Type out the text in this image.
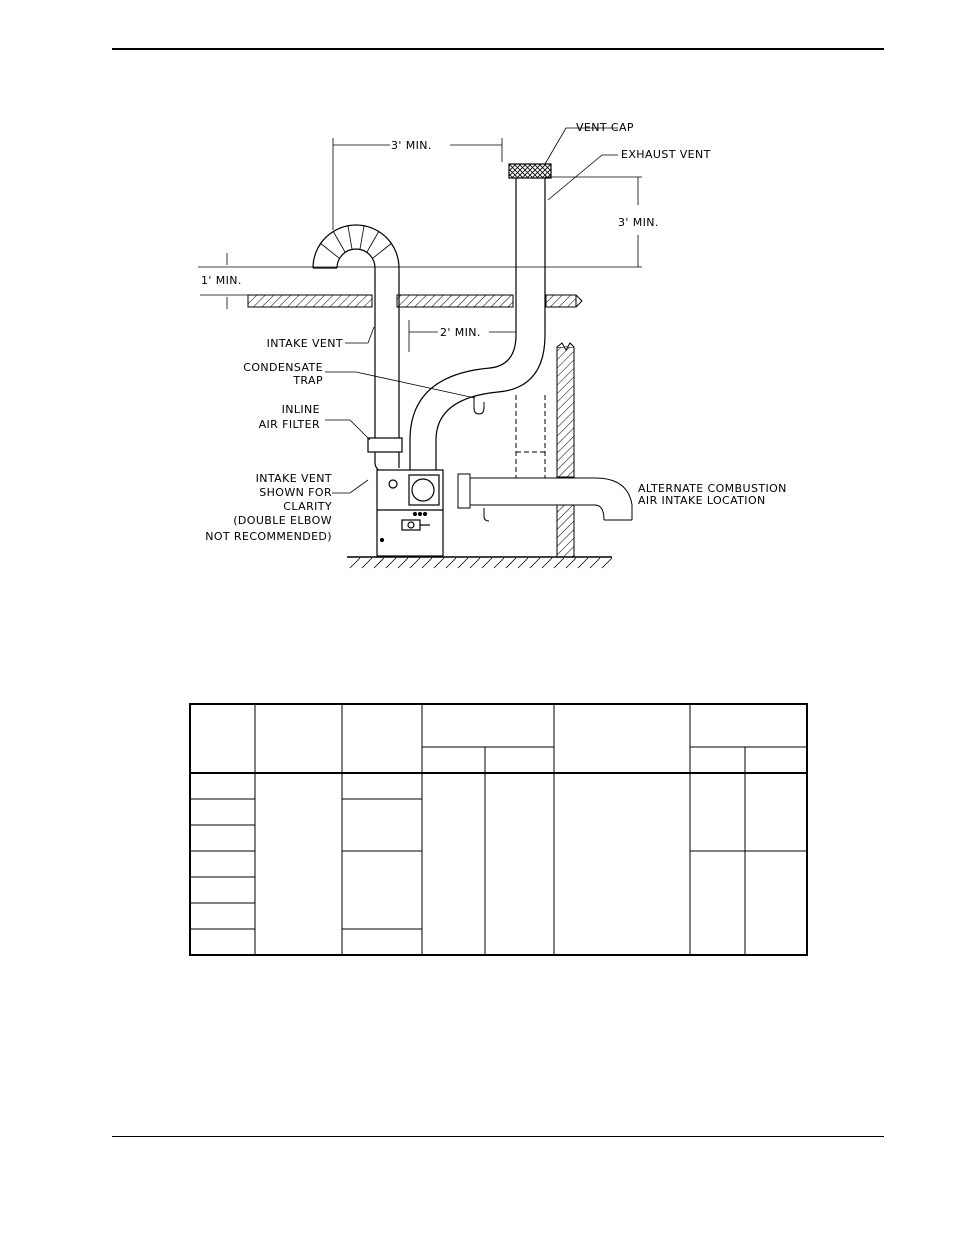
VENT CAP
EXHAUST VENT
3' MIN.
3' MIN.
1' MIN.
2' MIN.
INTAKE VENT
CONDENSATE
TRAP
INLINE
AIR FILTER
INTAKE VENT
SHOWN FOR
CLARITY
(DOUBLE ELBOW
NOT RECOMMENDED)
ALTERNATE COMBUSTION
AIR INTAKE LOCATION
